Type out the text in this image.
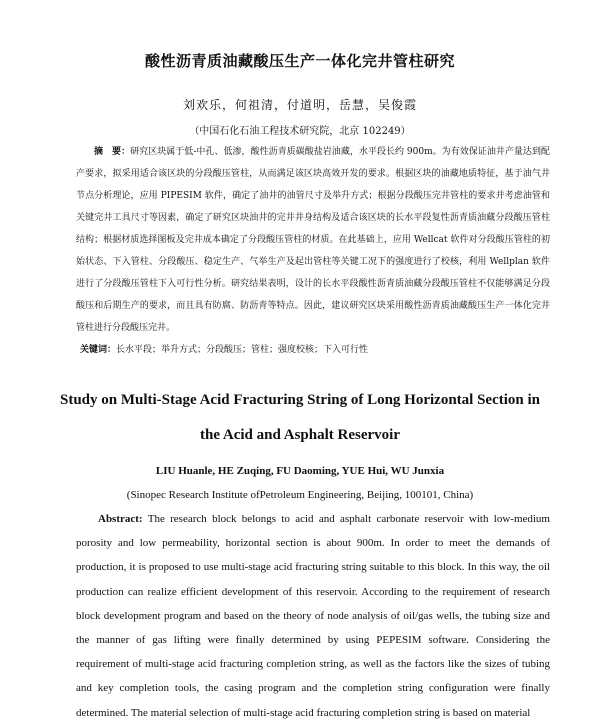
酸性沥青质油藏酸压生产一体化完井管柱研究
刘欢乐，何祖清，付道明，岳慧，吴俊霞
（中国石化石油工程技术研究院，北京 102249）

摘　要：研究区块属于低-中孔、低渗，酸性沥青质碳酸盐岩油藏，水平段长约 900m。为有效保证油井产量达到配产要求，拟采用适合该区块的分段酸压管柱，从而满足该区块高效开发的要求。根据区块的油藏地质特征，基于油气井节点分析理论，应用 PIPESIM 软件，确定了油井的油管尺寸及举升方式；根据分段酸压完井管柱的要求并考虑油管和关键完井工具尺寸等因素，确定了研究区块油井的完井井身结构及适合该区块的长水平段复性沥青质油藏分段酸压管柱结构；根据材质选择图板及完井成本确定了分段酸压管柱的材质。在此基础上，应用 Wellcat 软件对分段酸压管柱的初始状态、下入管柱、分段酸压、稳定生产、气举生产及起出管柱等关键工况下的强度进行了校核，利用 Wellplan 软件进行了分段酸压管柱下入可行性分析。研究结果表明，设计的长水平段酸性沥青质油藏分段酸压管柱不仅能够满足分段酸压和后期生产的要求，而且具有防腐、防沥青等特点。因此，建议研究区块采用酸性沥青质油藏酸压生产一体化完井管柱进行分段酸压完井。

关键词：长水平段；举升方式；分段酸压；管柱；强度校核；下入可行性

Study on Multi-Stage Acid Fracturing String of Long Horizontal Section in
the Acid and Asphalt Reservoir
LIU Huanle, HE Zuqing, FU Daoming, YUE Hui, WU Junxia
(Sinopec Research Institute ofPetroleum Engineering, Beijing, 100101, China)

Abstract: The research block belongs to acid and asphalt carbonate reservoir with low-medium porosity and low permeability, horizontal section is about 900m. In order to meet the demands of production, it is proposed to use multi-stage acid fracturing string suitable to this block. In this way, the oil production can realize efficient development of this reservoir. According to the requirement of research block development program and based on the theory of node analysis of oil/gas wells, the tubing size and the manner of gas lifting were finally determined by using PEPESIM software. Considering the requirement of multi-stage acid fracturing completion string, as well as the factors like the sizes of tubing and key completion tools, the casing program and the completion string configuration were finally determined. The material selection of multi-stage acid fracturing completion string is based on material
